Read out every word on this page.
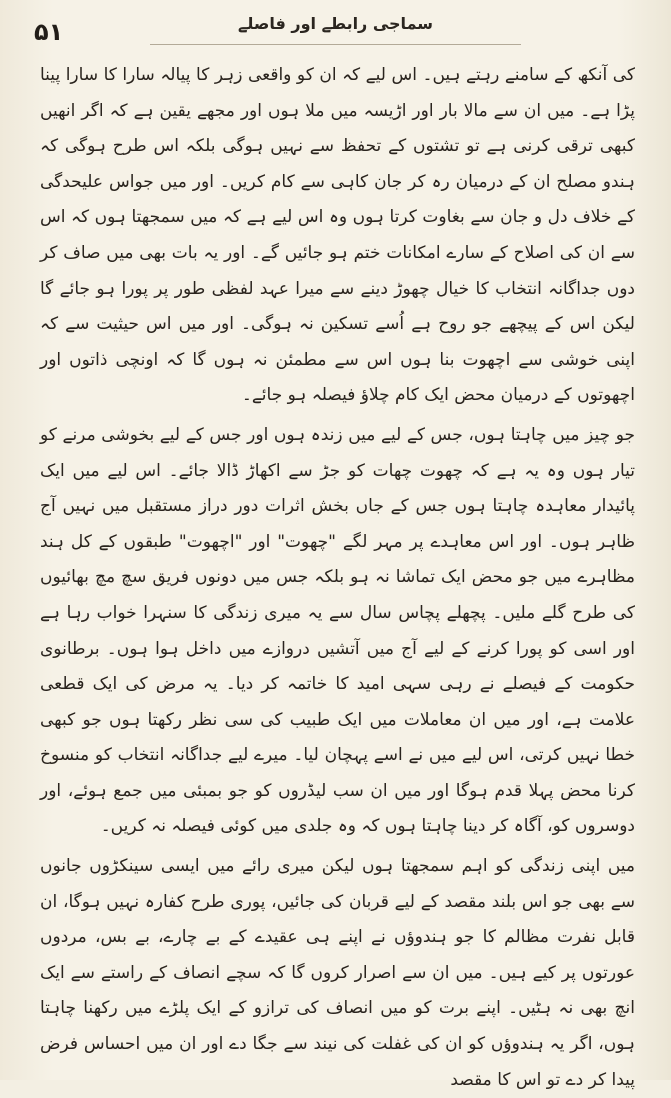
۵۱	سماجی رابطے اور فاصلے

کی آنکھ کے سامنے رہتے ہیں۔ اس لیے کہ ان کو واقعی زہر کا پیالہ سارا کا سارا پینا پڑا ہے۔ میں ان سے مالا بار اور اڑیسہ میں ملا ہوں اور مجھے یقین ہے کہ اگر انھیں کبھی ترقی کرنی ہے تو تشتوں کے تحفظ سے نہیں ہوگی بلکہ اس طرح ہوگی کہ ہندو مصلح ان کے درمیان رہ کر جان کاہی سے کام کریں۔ اور میں جواس علیحدگی کے خلاف دل و جان سے بغاوت کرتا ہوں وہ اس لیے ہے کہ میں سمجھتا ہوں کہ اس سے ان کی اصلاح کے سارے امکانات ختم ہو جائیں گے۔ اور یہ بات بھی میں صاف کر دوں جداگانہ انتخاب کا خیال چھوڑ دینے سے میرا عہد لفظی طور پر پورا ہو جائے گا لیکن اس کے پیچھے جو روح ہے اُسے تسکین نہ ہوگی۔ اور میں اس حیثیت سے کہ اپنی خوشی سے اچھوت بنا ہوں اس سے مطمئن نہ ہوں گا کہ اونچی ذاتوں اور اچھوتوں کے درمیان محض ایک کام چلاؤ فیصلہ ہو جائے۔

جو چیز میں چاہتا ہوں، جس کے لیے میں زندہ ہوں اور جس کے لیے بخوشی مرنے کو تیار ہوں وہ یہ ہے کہ چھوت چھات کو جڑ سے اکھاڑ ڈالا جائے۔ اس لیے میں ایک پائیدار معاہدہ چاہتا ہوں جس کے جاں بخش اثرات دور دراز مستقبل میں نہیں آج ظاہر ہوں۔ اور اس معاہدے پر مہر لگے "چھوت" اور "اچھوت" طبقوں کے کل ہند مظاہرے میں جو محض ایک تماشا نہ ہو بلکہ جس میں دونوں فریق سچ مچ بھائیوں کی طرح گلے ملیں۔ پچھلے پچاس سال سے یہ میری زندگی کا سنہرا خواب رہا ہے اور اسی کو پورا کرنے کے لیے آج میں آتشیں دروازے میں داخل ہوا ہوں۔ برطانوی حکومت کے فیصلے نے رہی سہی امید کا خاتمہ کر دیا۔ یہ مرض کی ایک قطعی علامت ہے، اور میں ان معاملات میں ایک طبیب کی سی نظر رکھتا ہوں جو کبھی خطا نہیں کرتی، اس لیے میں نے اسے پہچان لیا۔ میرے لیے جداگانہ انتخاب کو منسوخ کرنا محض پہلا قدم ہوگا اور میں ان سب لیڈروں کو جو بمبئی میں جمع ہوئے، اور دوسروں کو، آگاہ کر دینا چاہتا ہوں کہ وہ جلدی میں کوئی فیصلہ نہ کریں۔

میں اپنی زندگی کو اہم سمجھتا ہوں لیکن میری رائے میں ایسی سینکڑوں جانوں سے بھی جو اس بلند مقصد کے لیے قربان کی جائیں، پوری طرح کفارہ نہیں ہوگا، ان قابل نفرت مظالم کا جو ہندوؤں نے اپنے ہی عقیدے کے بے چارے، بے بس، مردوں عورتوں پر کیے ہیں۔ میں ان سے اصرار کروں گا کہ سچے انصاف کے راستے سے ایک انچ بھی نہ ہٹیں۔ اپنے برت کو میں انصاف کی ترازو کے ایک پلڑے میں رکھنا چاہتا ہوں، اگر یہ ہندوؤں کو ان کی غفلت کی نیند سے جگا دے اور ان میں احساس فرض پیدا کر دے تو اس کا مقصد
